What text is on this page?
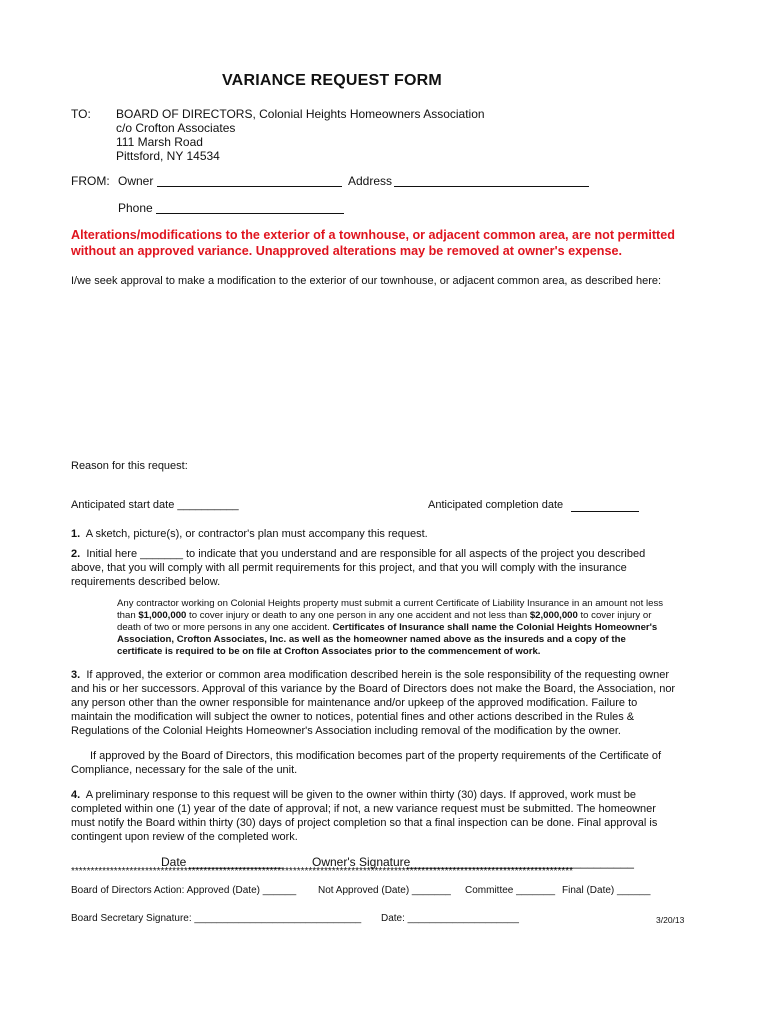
VARIANCE REQUEST FORM
TO: BOARD OF DIRECTORS, Colonial Heights Homeowners Association
c/o Crofton Associates
111 Marsh Road
Pittsford, NY 14534
FROM: Owner	Address
Phone
Alterations/modifications to the exterior of a townhouse, or adjacent common area, are not permitted
without an approved variance. Unapproved alterations may be removed at owner's expense.
I/we seek approval to make a modification to the exterior of our townhouse, or adjacent common area, as described here:
Reason for this request:
Anticipated start date __________	Anticipated completion date
1. A sketch, picture(s), or contractor's plan must accompany this request.
2. Initial here _______ to indicate that you understand and are responsible for all aspects of the project you described
above, that you will comply with all permit requirements for this project, and that you will comply with the insurance
requirements described below.
Any contractor working on Colonial Heights property must submit a current Certificate of Liability Insurance in an amount not less
than $1,000,000 to cover injury or death to any one person in any one accident and not less than $2,000,000 to cover injury or
death of two or more persons in any one accident. Certificates of Insurance shall name the Colonial Heights Homeowner's
Association, Crofton Associates, Inc. as well as the homeowner named above as the insureds and a copy of the
certificate is required to be on file at Crofton Associates prior to the commencement of work.
3. If approved, the exterior or common area modification described herein is the sole responsibility of the requesting owner
and his or her successors. Approval of this variance by the Board of Directors does not make the Board, the Association, nor
any person other than the owner responsible for maintenance and/or upkeep of the approved modification. Failure to
maintain the modification will subject the owner to notices, potential fines and other actions described in the Rules &
Regulations of the Colonial Heights Homeowner's Association including removal of the modification by the owner.
If approved by the Board of Directors, this modification becomes part of the property requirements of the Certificate of
Compliance, necessary for the sale of the unit.
4. A preliminary response to this request will be given to the owner within thirty (30) days. If approved, work must be
completed within one (1) year of the date of approval; if not, a new variance request must be submitted. The homeowner
must notify the Board within thirty (30) days of project completion so that a final inspection can be done. Final approval is
contingent upon review of the completed work.
Date ______________ Owner's Signature
__________________________________
*********************************************************************************************************************************
Board of Directors Action: Approved (Date) ______ Not Approved (Date) _______ Committee _______ Final (Date) ______
Board Secretary Signature: ______________________________ Date: ____________________	3/20/13
